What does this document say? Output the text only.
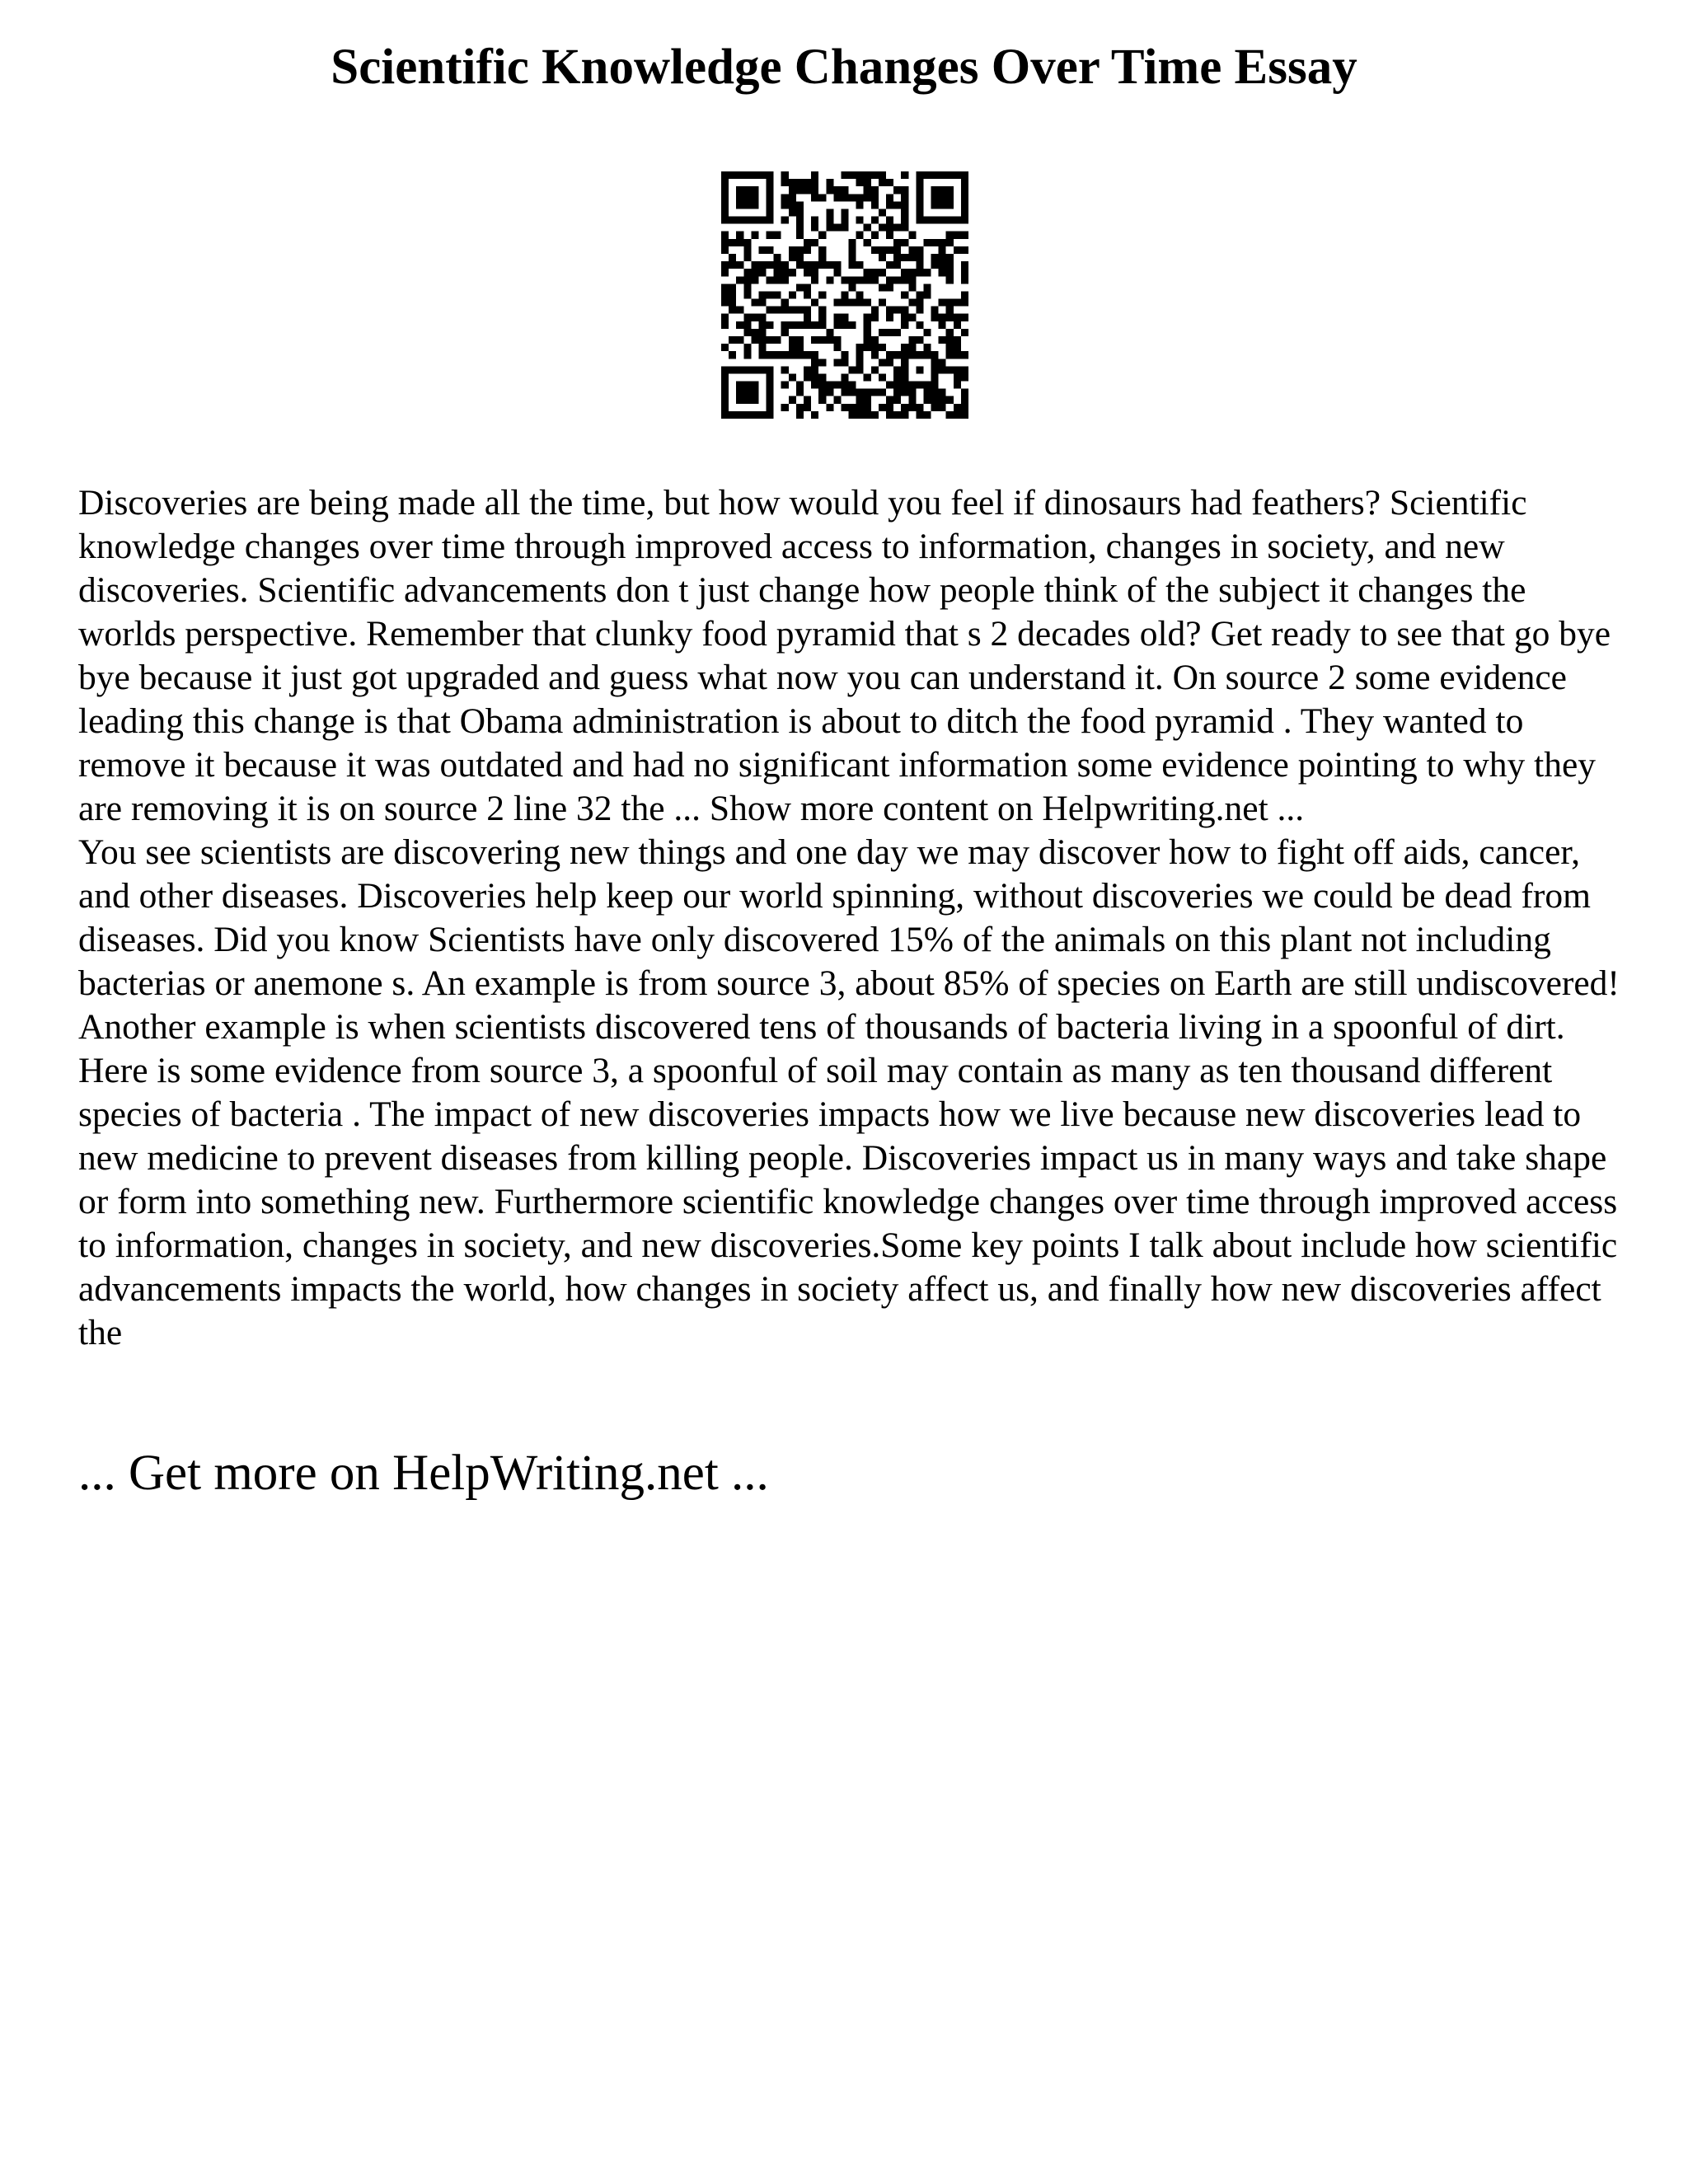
Scientific Knowledge Changes Over Time Essay

Discoveries are being made all the time, but how would you feel if dinosaurs had feathers? Scientific knowledge changes over time through improved access to information, changes in society, and new discoveries. Scientific advancements don t just change how people think of the subject it changes the worlds perspective. Remember that clunky food pyramid that s 2 decades old? Get ready to see that go bye bye because it just got upgraded and guess what now you can understand it. On source 2 some evidence leading this change is that Obama administration is about to ditch the food pyramid . They wanted to remove it because it was outdated and had no significant information some evidence pointing to why they are removing it is on source 2 line 32 the ... Show more content on Helpwriting.net ...

You see scientists are discovering new things and one day we may discover how to fight off aids, cancer, and other diseases. Discoveries help keep our world spinning, without discoveries we could be dead from diseases. Did you know Scientists have only discovered 15% of the animals on this plant not including bacterias or anemone s. An example is from source 3, about 85% of species on Earth are still undiscovered! Another example is when scientists discovered tens of thousands of bacteria living in a spoonful of dirt. Here is some evidence from source 3, a spoonful of soil may contain as many as ten thousand different species of bacteria . The impact of new discoveries impacts how we live because new discoveries lead to new medicine to prevent diseases from killing people. Discoveries impact us in many ways and take shape or form into something new. Furthermore scientific knowledge changes over time through improved access to information, changes in society, and new discoveries.Some key points I talk about include how scientific advancements impacts the world, how changes in society affect us, and finally how new discoveries affect the

... Get more on HelpWriting.net ...
